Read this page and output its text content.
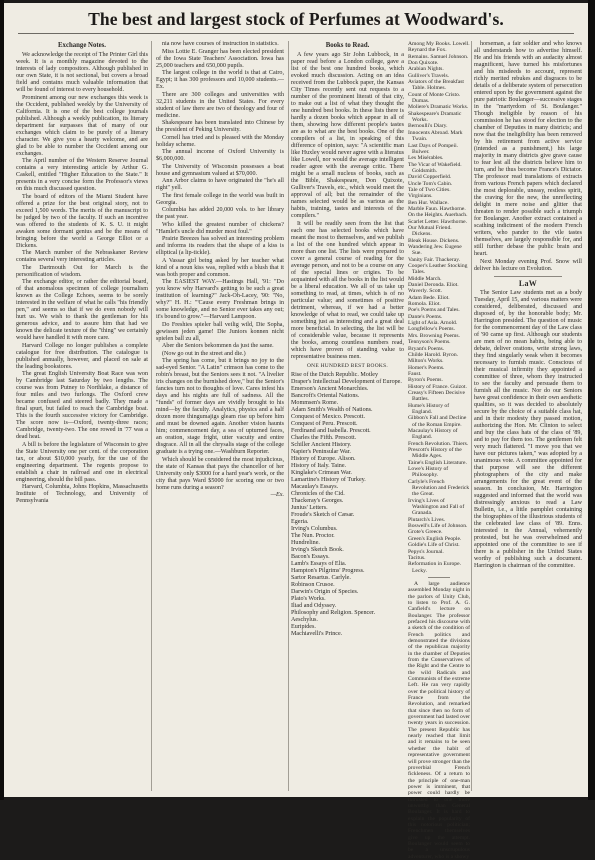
The best and largest stock of Perfumes at Woodward's.
Exchange Notes.

We acknowledge the receipt of The Printer Girl this week. It is a monthly magazine devoted to the interests of lady compositors. Although published in our own State, it is not sectional, but covers a broad field and contains much valuable information that will be found of interest to every household.

Prominent among our new exchanges this week is the Occident, published weekly by the University of California. It is one of the best college journals published. Although a weekly publication, its literary department far surpasses that of many of our exchanges which claim to be purely of a literary character. We give you a hearty welcome, and are glad to be able to number the Occident among our exchanges.

The April number of the Western Reserve Journal contains a very interesting article by Arthur G. Caskell, entitled "Higher Education to the State." It presents in a very concise form the Professor's views on this much discussed question.

The board of editors of the Miami Student have offered a prize for the best original story, not to exceed 1,500 words. The merits of the manuscript to be judged by two of the faculty. If such an incentive was offered to the students of K. S. U. it might awaken some dormant genius and be the means of bringing before the world a George Elliot or a Dickens.

The March number of the Nebraskaner Review contains several very interesting articles.

The Dartmouth Out for March is the personification of wisdom.

The exchange editor, or rather the editorial board, of that anomalous specimen of college journalism known as the College Echoes, seems to be sorely interested in the welfare of what he calls "his friendly pen," and seems so that if we do even nobody will hurt us. We wish to thank the gentleman for his generous advice, and to assure him that had we known the delicate texture of the "thing" we certainly would have handled it with more care.

Harvard College no longer publishes a complete catalogue for free distribution. The catalogue is published annually, however, and placed on sale at the leading bookstores.

The great English University Boat Race was won by Cambridge last Saturday by two lengths. The course was from Putney to Northlake, a distance of four miles and two furlongs. The Oxford crew became confused and steered badly. They made a final spurt, but failed to reach the Cambridge boat. This is the fourth successive victory for Cambridge. The score now is—Oxford, twenty-three races; Cambridge, twenty-two. The one rowed in '77 was a dead heat.

A bill is before the legislature of Wisconsin to give the State University one per cent. of the corporation tax, or about $10,000 yearly, for the use of the engineering department. The regents propose to establish a chair in railroad and one in electrical engineering, should the bill pass.

Harvard, Columbia, Johns Hopkins, Massachusetts Institute of Technology, and University of Pennsylvania

nia now have courses of instruction in statistics.

Miss Lottie E. Granger has been elected president of the Iowa State Teachers' Association. Iowa has 25,000 teachers and 650,000 pupils.

The largest college in the world is that at Cairo, Egypt; it has 300 professors and 10,000 students.—Ex.

There are 300 colleges and universities with 32,211 students in the United States. For every student of law there are two of theology and four of medicine.

Shakespeare has been translated into Chinese by the president of Peking University.

Cornell has tried and is pleased with the Monday holiday scheme.

The annual income of Oxford University is $6,000,000.

The University of Wisconsin possesses a boat house and gymnasium valued at $70,000.

Ann Arbor claims to have originated the "he's all right" yell.

The first female college in the world was built in Georgia.

Columbia has added 20,000 vols. to her library the past year.

Who killed the greatest number of chickens? "Hamlet's uncle did murder most foul."

Prairie Breezes has solved an interesting problem and informs its readers that the shape of a kiss is elliptical (a lip-tickle).

A Vassar girl being asked by her teacher what kind of a noun kiss was, replied with a blush that it was both proper and common.

The EASIEST WAY.—Hastings Hall, '91: "Do you know why Harvard's getting to be such a great institution of learning?" Jack-Oh-Lacey, '90: "No, why?" H. H.: "'Cause every Freshman brings in some knowledge, and no Senior ever takes any out; it's bound to grow."—Harvard Lampoon.

Do Freshies spieler ball veilig wild, Die Sopha, gewissen jeden game! Die Juniors konnen nicht spielen ball zu all,

Aber die Seniors bekommen da just the same.

(Now go out in the street and die.)

The spring has come, but it brings no joy to the sad-eyed Senior. "A Latin" crimson has come to the robin's breast, but the Seniors sees it not. "A livelier iris changes on the burnished dove," but the Senior's fancies turn not to thoughts of love. Cares infest his days and his nights are full of sadness. All the "funds" of former days are vividly brought to his mind—by the faculty. Analytics, physics and a half dozen more thingumajigs gleam rise up before him and must be downed again. Another vision haunts him; commencement day, a sea of upturned faces, an oration, stage fright, utter vacuity and entire disgrace. All in all the chrysalis stage of the college graduate is a trying one.—Washburn Reporter.

Which should be considered the most injudicious, the state of Kansas that pays the chancellor of her University only $3000 for a hard year's work, or the city that pays Ward $5000 for scoring one or two home runs during a season?

—Ex.

Books to Read.

A few years ago Sir John Lubbock, in a paper read before a London college, gave a list of the best one hundred books, which evoked much discussion. Acting on an idea received from the Lubbock paper, the Kansas City Times recently sent out requests to a number of the prominent literati of that city, to make out a list of what they thought the one hundred best books. In these lists there is hardly a dozen books which appear in all of them, showing how different people's tastes are as to what are the best books. One of the compilers of a list, in speaking of this difference of opinion, says: "A scientific man like Huxley would never agree with a literatus like Lowell, nor would the average intelligent reader agree with the average critic. There might be a small nucleus of books, such as the Bible, Shakespeare, Don Quixote, Gulliver's Travels, etc., which would meet the approval of all; but the remainder of the names selected would be as various as the habits, training, tastes and interests of the compilers."

It will be readily seen from the list that each one has selected books which have meant the most to themselves, and we publish a list of the one hundred which appear in more than one list. The lists were prepared to cover a general course of reading for the average person, and not to be a course on any of the special lines or crigies. To be acquainted with all the books in the list would be a liberal education. We all of us take up something to read, at times, which is of no particular value; and sometimes of positive detriment, whereas, if we had a better knowledge of what to read, we could take up something just as interesting and a great deal more beneficial. In selecting, the list will be of considerable value, because it represents the books, among countless numbers read, which have proven of standing value to representative business men.

ONE HUNDRED BEST BOOKS.

Rise of the Dutch Republic. Motley
Draper's Intellectual Development of Europe.
Emerson's Ancient Monarchies.
Bancroft's Oriental Nations.
Mommsen's Rome.
Adam Smith's Wealth of Nations.
Conquest of Mexico. Prescott.
Conquest of Peru. Prescott.
Ferdinand and Isabella. Prescott.
Charles the Fifth. Prescott.
Schiller Ancient History.
Napier's Peninsular War.
History of Europe. Alison.
History of Italy. Taine.
Kinglake's Crimean War.
Lamartine's History of Turkey.
Macaulay's Essays.
Chronicles of the Cid.
Thackeray's Georges.
Junius' Letters.
Froude's Sketch of Cæsar.
Egeria.
Irving's Columbus.
The Nun. Proctor.
Hundreline.
Irving's Sketch Book.
Bacon's Essays.
Lamb's Essays of Elia.
Hampton's Pilgrims' Progress.
Sartor Resartus. Carlyle.
Robinson Crusoe.
Darwin's Origin of Species.
Plato's Works.
Iliad and Odyssey.
Philosophy and Religion. Spencer.
Aeschylus.
Euripides.
Machiavelli's Prince.
Among My Books. Lowell.
Reynard the Fox.
Remains. Samuel Johnson.
Don Quixote.
Arabian Nights.
Gulliver's Travels.
Aviators of the Breakfast Table. Holmes.
Count of Monte Cristo. Dumas.
Moliere's Dramatic Works.
Shakespeare's Dramatic Works.
Bernoulli's Diary.
Innocents Abroad. Mark Twain.
Last Days of Pompeii. Bulwer.
Les Misérables.
The Vicar of Wakefield. Goldsmith.
David Copperfield.
Uncle Tom's Cabin.
Tale of Two Cities.
Virginians.
Ben Hur. Wallace.
Marble Faun. Hawthorne.
On the Heights. Auerbach.
Scarlet Letter. Hawthorne.
Our Mutual Friend. Dickens.
Bleak House. Dickens.
Wandering Jew. Eugene Sue.
Vanity Fair. Thackeray.
Cooper's Leather Stocking Tales.
Middle March.
Daniel Deronda. Eliot.
Waverly. Scott.
Adam Bede. Eliot.
Romola. Eliot.
Poe's Poems and Tales.
Dante's Poems.
Light of Asia. Arnold.
Longfellow's Poems.
Mrs. Browning Poems.
Tennyson's Poems.
Bryant's Poems.
Childe Harold. Byron.
Milton's Works.
Homer's Poems.
Faust.
Byron's Poems.
History of France. Guizot.
Creasy's Fifteen Decisive Battles.
Hume's History of England.
Gibbon's Fall and Decline of the Roman Empire.
Macaulay's History of England.
French Revolution. Thiers.
Prescott's History of the Middle Ages.
Taine's English Literature.
Lowe's History of Philosophy.
Carlyle's French Revolution and Frederick the Great.
Irving's Lives of Washington and Fall of Granada.
Plutarch's Lives.
Boswell's Life of Johnson.
Grote's Greece.
Green's English People.
Goldie's Life of Christ.
Pepys's Journal.
Tacitus.
Reformation in Europe. Lecky.

A large audience assembled Monday night in the parlors of Unity Club, to listen to Prof. A. G. Canfield's lecture on Boulanger. The professor prefaced his discourse with a sketch of the condition of French politics and demonstrated the divisions of the republican majority in the chamber of Deputies from the Conservatives of the Right and the Centre to the wild Radicals and Communists of the extreme Left. He ran very rapidly over the political history of France from the Revolution, and remarked that since then no form of government had lasted over twenty years in succession. The present Republic has nearly reached that limit and it remains to be seen whether the habit of representative government will prove stronger than the proverbial French fickleness. Of a return to the principle of one-man power is imminent, that power could hardly be intrusted to one more unworthy than General Boulanger. It is hard to explain the popularity of this notorious politician; Frenchmen themselves give up the attempt. Boulanger would seem to be a unscrupulous adventurer, who is a showy

horseman, a fair soldier and who knows all understands how to advertise himself. He and his friends with an audacity almost magnificent, have turned his misfortunes and his misdeeds to account, represent richly merited rebukes and disgraces to be details of a deliberate system of persecution entered upon by the government against the pure patriotic Boulanger—successive stages in the "martyrdom of St. Boulanger." Though ineligible by reason of his commission he has stood for election to the chamber of Deputies in many districts; and now that the ineligibility has been removed by his retirement from active service (intended as a punishment,) his large majority in many districts give grave cause to fear lest all the districts believe him to turn, and he thus become France's Dictator. The professor read translations of extracts from various French papers which declared the most deplorable, uneasy, restless spirit, the craving for the new, the unreflecting delight in mere noise and glitter that threaten to render possible such a triumph for Boulanger. Another extract contained a scathing indictment of the modern French writers, who pander to the vile tastes themselves, are largely responsible for, and still further debase the public brain and heart.

Next Monday evening Prof. Snow will deliver his lecture on Evolution.

LaW

The Senior Law students met as a body Tuesday, April 15, and various matters were considered, deliberated, discussed and disposed of, by the honorable body; Mr. Harrington presided. The question of music for the commencement day of the Law class of '90 came up first. Although our students are men of no mean habits, being able to debate, deliver orations, write strong laws, they find singularly weak when it becomes necessary to furnish music. Conscious of their musical infirmity they appointed a committee of three, whom they instructed to see the faculty and persuade them to furnish all the music. Nor do our Seniors have great confidence in their own aesthetic qualities, so it was decided to absolutely secure by the choice of a suitable class hat, and in their modesty they passed motion, authorizing the Hon. Mr. Clinton to select and buy the class hats of the class of '89, and to pay for them too. The gentlemen felt very much flattered. "I move you that we have our pictures taken," was adopted by a unanimous vote. A committee appointed for that purpose will see the different photographers of the city and make arrangements for the great event of the season. In conclusion, Mr. Harrington suggested and informed that the world was distressingly anxious to read a Law Bulletin, i.e., a little pamphlet containing the biographies of the illustrious students of the celebrated law class of '89. Enns. interested in the Annual, vehemently protested, but he was overwhelmed and appointed one of the committee to see if there is a publisher in the United States worthy of publishing such a document. Harrington is chairman of the committee.
